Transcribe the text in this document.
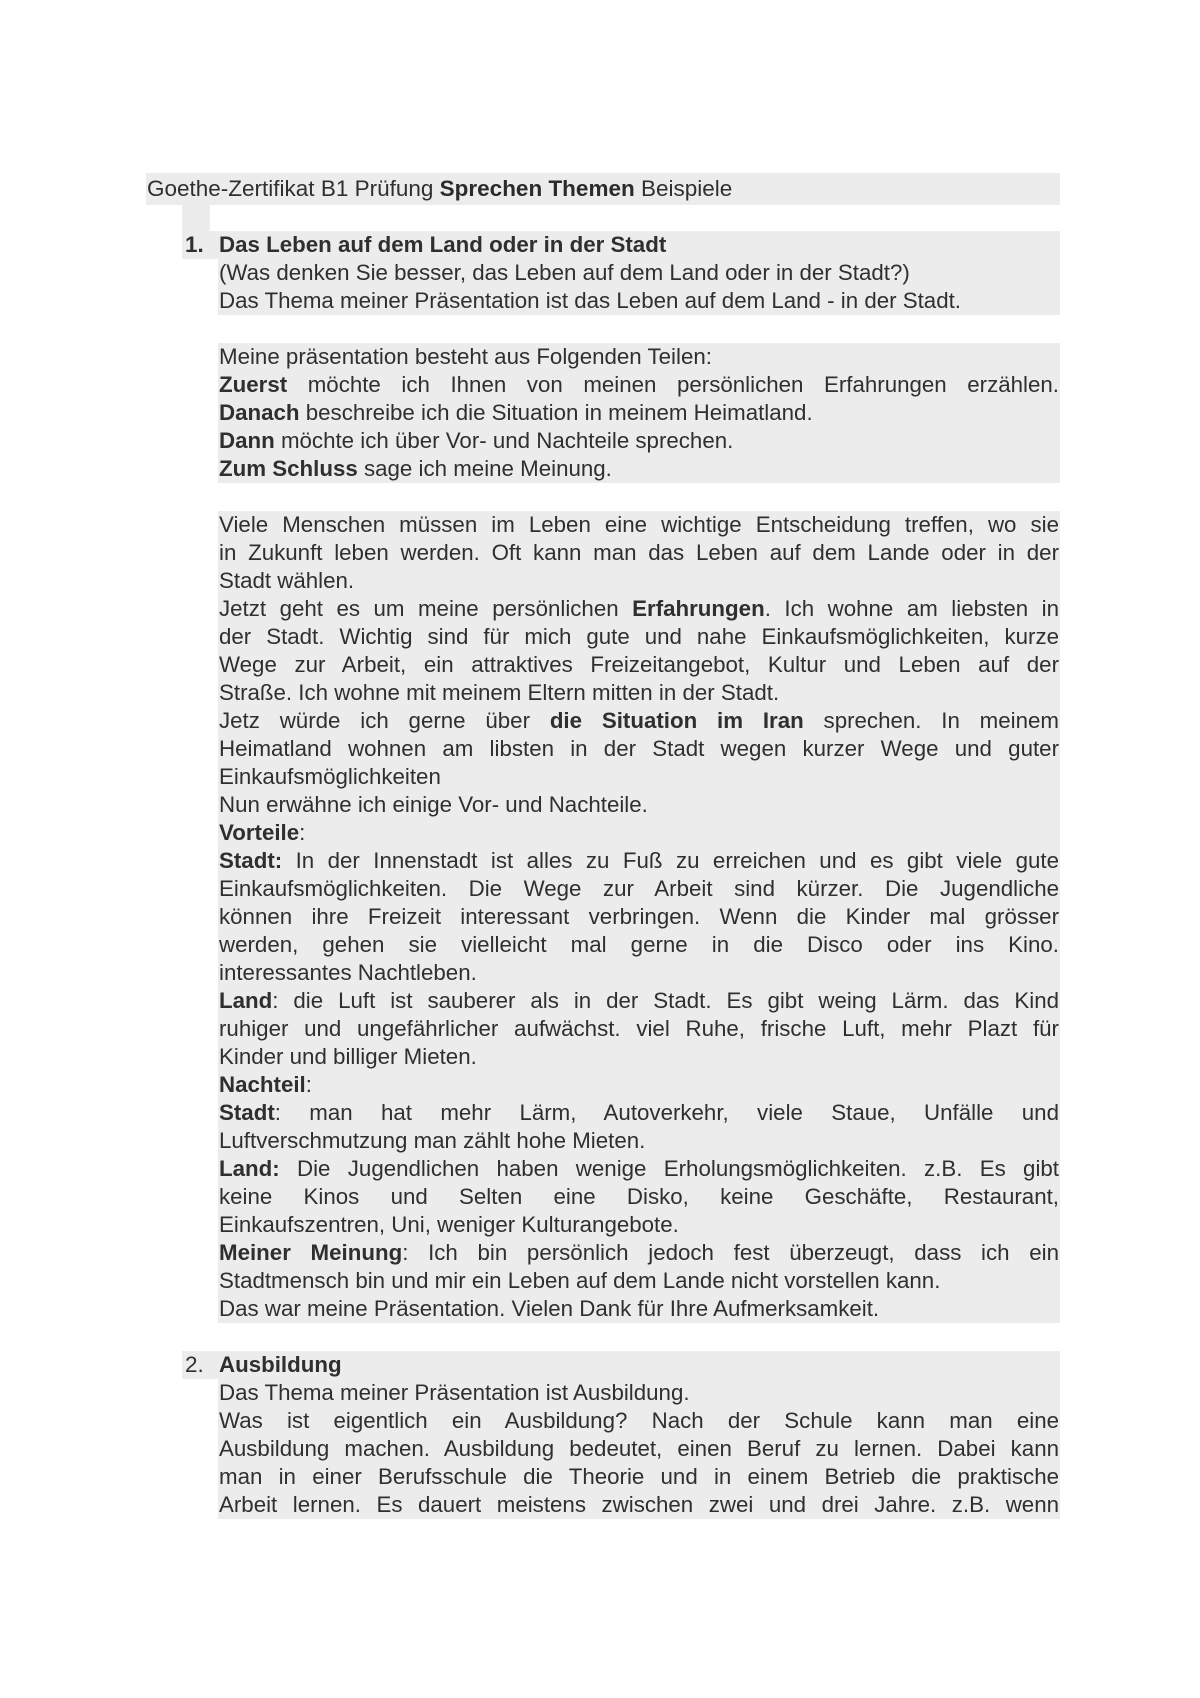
Goethe-Zertifikat B1 Prüfung Sprechen Themen Beispiele
1. Das Leben auf dem Land oder in der Stadt
(Was denken Sie besser, das Leben auf dem Land oder in der Stadt?)
Das Thema meiner Präsentation ist das Leben auf dem Land - in der Stadt.
Meine präsentation besteht aus Folgenden Teilen:
Zuerst möchte ich Ihnen von meinen persönlichen Erfahrungen erzählen.
Danach beschreibe ich die Situation in meinem Heimatland.
Dann möchte ich über Vor- und Nachteile sprechen.
Zum Schluss sage ich meine Meinung.
Viele Menschen müssen im Leben eine wichtige Entscheidung treffen, wo sie
in Zukunft leben werden. Oft kann man das Leben auf dem Lande oder in der
Stadt wählen.
Jetzt geht es um meine persönlichen Erfahrungen. Ich wohne am liebsten in
der Stadt. Wichtig sind für mich gute und nahe Einkaufsmöglichkeiten, kurze
Wege zur Arbeit, ein attraktives Freizeitangebot, Kultur und Leben auf der
Straße. Ich wohne mit meinem Eltern mitten in der Stadt.
Jetz würde ich gerne über die Situation im Iran sprechen. In meinem
Heimatland wohnen am libsten in der Stadt wegen kurzer Wege und guter
Einkaufsmöglichkeiten
Nun erwähne ich einige Vor- und Nachteile.
Vorteile:
Stadt: In der Innenstadt ist alles zu Fuß zu erreichen und es gibt viele gute
Einkaufsmöglichkeiten. Die Wege zur Arbeit sind kürzer. Die Jugendliche
können ihre Freizeit interessant verbringen. Wenn die Kinder mal grösser
werden, gehen sie vielleicht mal gerne in die Disco oder ins Kino.
interessantes Nachtleben.
Land: die Luft ist sauberer als in der Stadt. Es gibt weing Lärm. das Kind
ruhiger und ungefährlicher aufwächst. viel Ruhe, frische Luft, mehr Plazt für
Kinder und billiger Mieten.
Nachteil:
Stadt: man hat mehr Lärm, Autoverkehr, viele Staue, Unfälle und
Luftverschmutzung man zählt hohe Mieten.
Land: Die Jugendlichen haben wenige Erholungsmöglichkeiten. z.B. Es gibt
keine Kinos und Selten eine Disko, keine Geschäfte, Restaurant,
Einkaufszentren, Uni, weniger Kulturangebote.
Meiner Meinung: Ich bin persönlich jedoch fest überzeugt, dass ich ein
Stadtmensch bin und mir ein Leben auf dem Lande nicht vorstellen kann.
Das war meine Präsentation. Vielen Dank für Ihre Aufmerksamkeit.
2. Ausbildung
Das Thema meiner Präsentation ist Ausbildung.
Was ist eigentlich ein Ausbildung? Nach der Schule kann man eine
Ausbildung machen. Ausbildung bedeutet, einen Beruf zu lernen. Dabei kann
man in einer Berufsschule die Theorie und in einem Betrieb die praktische
Arbeit lernen. Es dauert meistens zwischen zwei und drei Jahre. z.B. wenn
